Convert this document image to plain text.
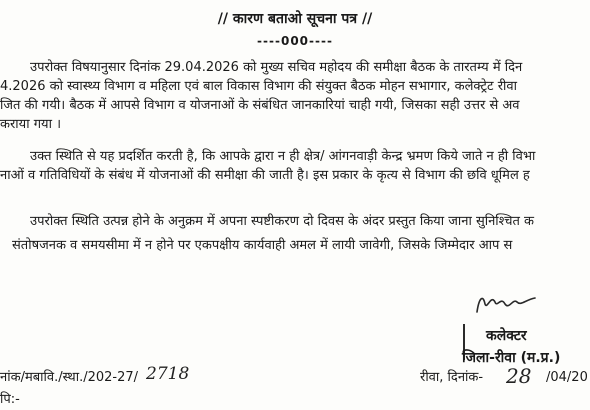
// कारण बताओ सूचना पत्र //
----000----
उपरोक्त विषयानुसार दिनांक 29.04.2026 को मुख्य सचिव महोदय की समीक्षा बैठक के तारतम्य में दिन
4.2026 को स्वास्थ्य विभाग व महिला एवं बाल विकास विभाग की संयुक्त बैठक मोहन सभागार, कलेक्ट्रेट रीवा
जित की गयी। बैठक में आपसे विभाग व योजनाओं के संबंधित जानकारियां चाही गयी, जिसका सही उत्तर से अव
कराया गया ।
उक्त स्थिति से यह प्रदर्शित करती है, कि आपके द्वारा न ही क्षेत्र/ आंगनवाड़ी केन्द्र भ्रमण किये जाते न ही विभा
नाओं व गतिविधियों के संबंध में योजनाओं की समीक्षा की जाती है। इस प्रकार के कृत्य से विभाग की छवि धूमिल ह
उपरोक्त स्थिति उत्पन्न होने के अनुक्रम में अपना स्पष्टीकरण दो दिवस के अंदर प्रस्तुत किया जाना सुनिश्चित क
संतोषजनक व समयसीमा में न होने पर एकपक्षीय कार्यवाही अमल में लायी जावेगी, जिसके जिम्मेदार आप स
कलेक्टर
जिला-रीवा (म.प्र.)
नांक/मबावि./स्था./202-27/ 2718	रीवा, दिनांक- 28 /04/20
पि:-
